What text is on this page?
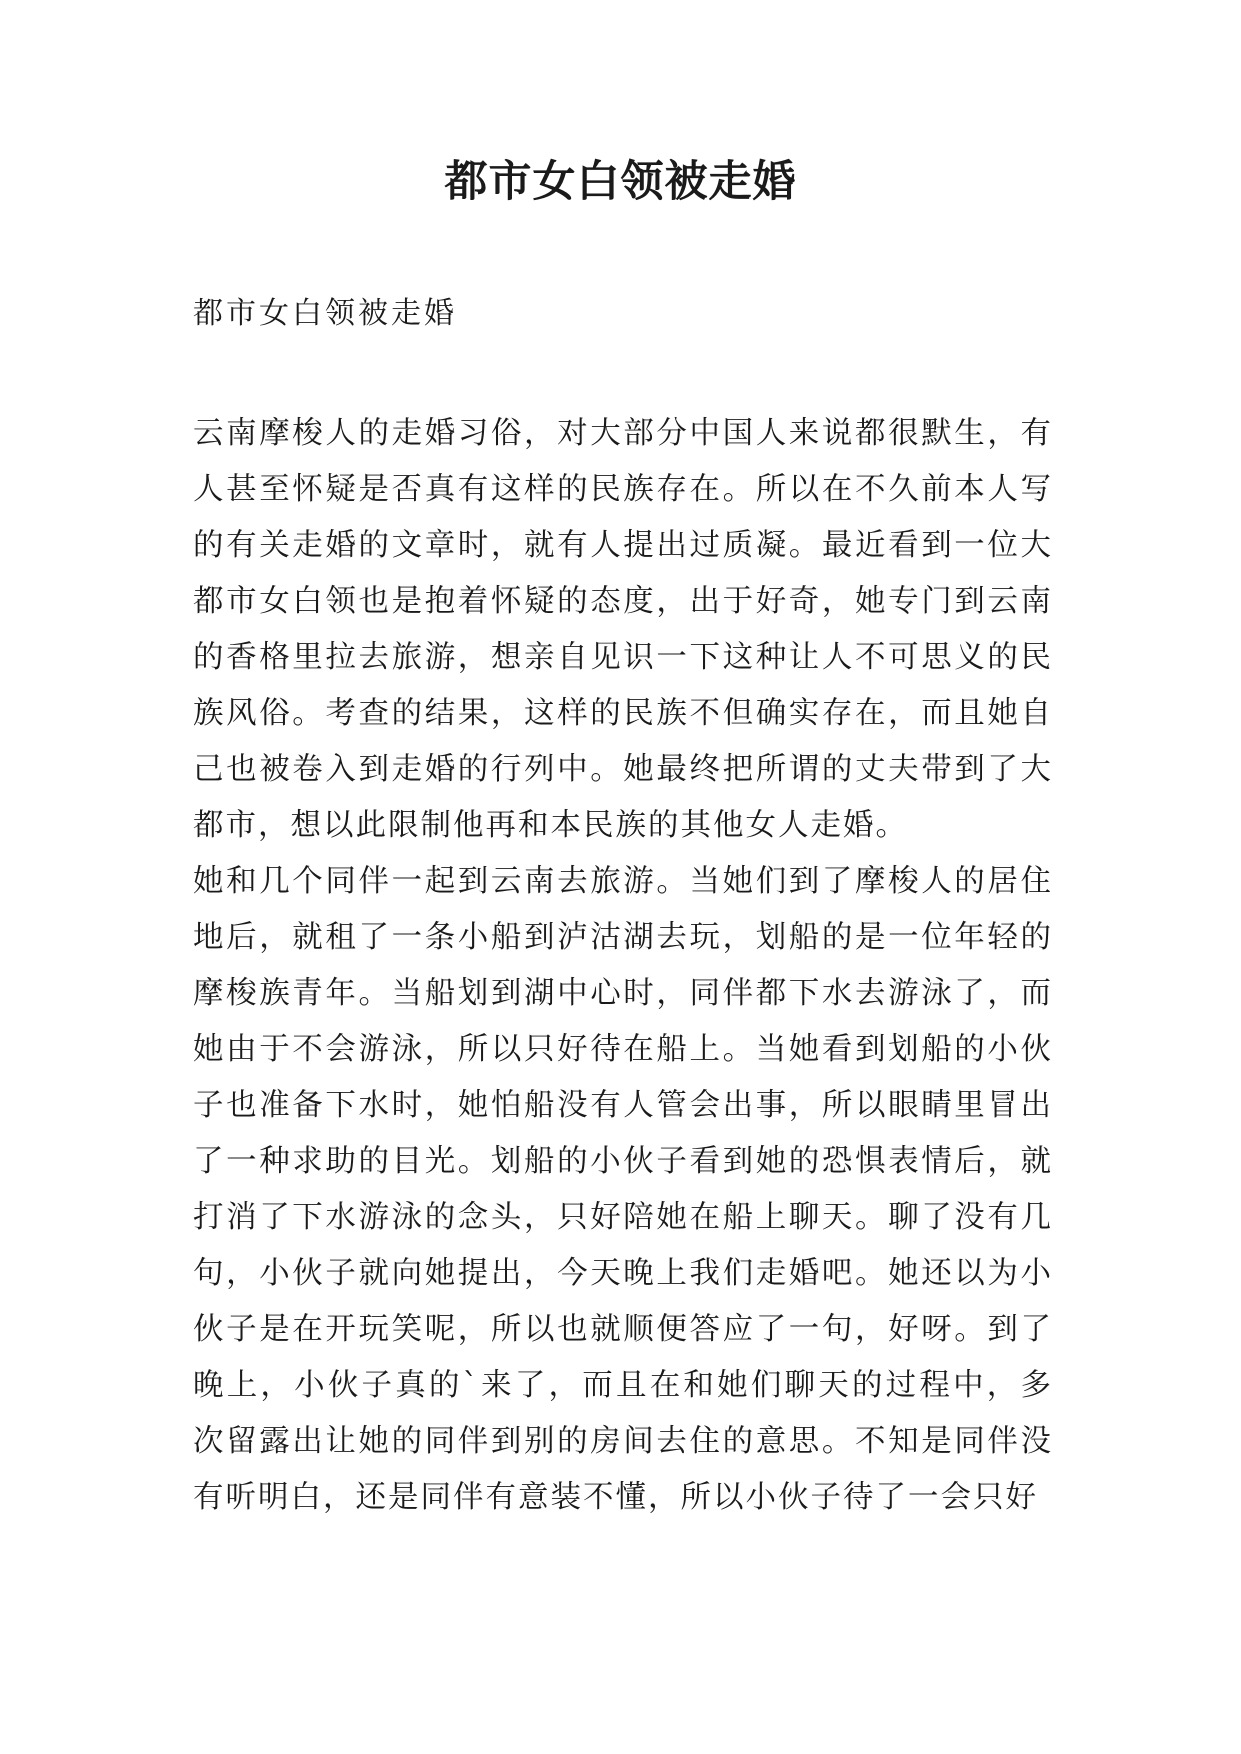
都市女白领被走婚

都市女白领被走婚

云南摩梭人的走婚习俗，对大部分中国人来说都很默生，有人甚至怀疑是否真有这样的民族存在。所以在不久前本人写的有关走婚的文章时，就有人提出过质凝。最近看到一位大都市女白领也是抱着怀疑的态度，出于好奇，她专门到云南的香格里拉去旅游，想亲自见识一下这种让人不可思义的民族风俗。考查的结果，这样的民族不但确实存在，而且她自己也被卷入到走婚的行列中。她最终把所谓的丈夫带到了大都市，想以此限制他再和本民族的其他女人走婚。

她和几个同伴一起到云南去旅游。当她们到了摩梭人的居住地后，就租了一条小船到泸沽湖去玩，划船的是一位年轻的摩梭族青年。当船划到湖中心时，同伴都下水去游泳了，而她由于不会游泳，所以只好待在船上。当她看到划船的小伙子也准备下水时，她怕船没有人管会出事，所以眼睛里冒出了一种求助的目光。划船的小伙子看到她的恐惧表情后，就打消了下水游泳的念头，只好陪她在船上聊天。聊了没有几句，小伙子就向她提出，今天晚上我们走婚吧。她还以为小伙子是在开玩笑呢，所以也就顺便答应了一句，好呀。到了晚上，小伙子真的`来了，而且在和她们聊天的过程中，多次留露出让她的同伴到别的房间去住的意思。不知是同伴没有听明白，还是同伴有意装不懂，所以小伙子待了一会只好
